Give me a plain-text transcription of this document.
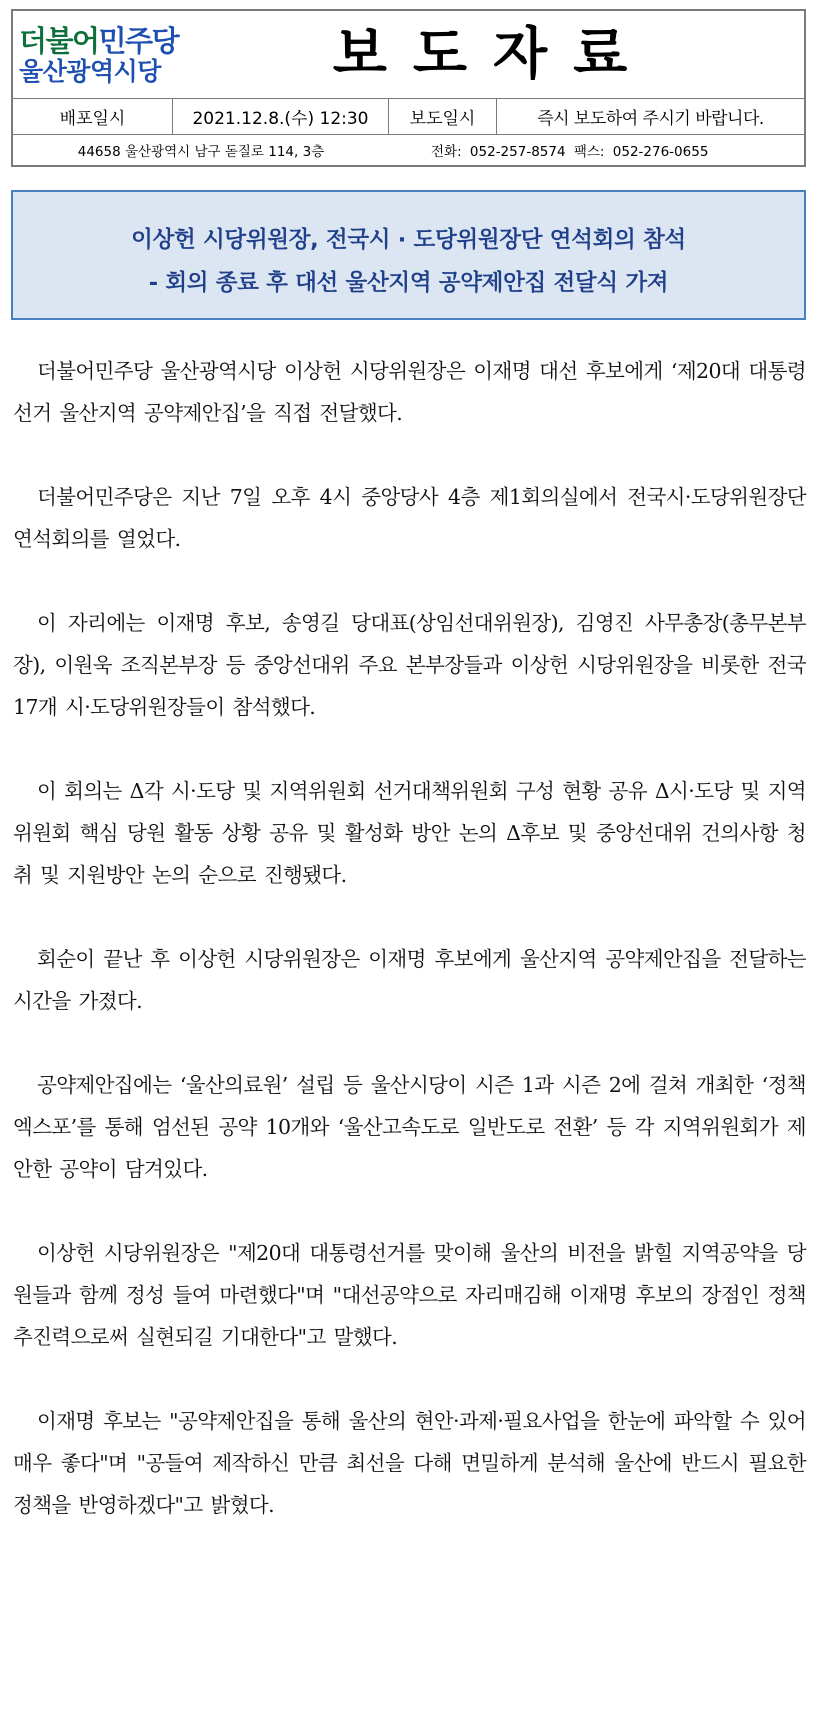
더불어민주당
울산광역시당	보도자료
배포일시	2021.12.8.(수) 12:30	보도일시	즉시 보도하여 주시기 바랍니다.
44658 울산광역시 남구 돋질로 114, 3층	전화: 052-257-8574 팩스: 052-276-0655
이상헌 시당위원장, 전국시 · 도당위원장단 연석회의 참석
- 회의 종료 후 대선 울산지역 공약제안집 전달식 가져

더불어민주당 울산광역시당 이상헌 시당위원장은 이재명 대선 후보에게 ‘제20대 대통령선거 울산지역 공약제안집’을 직접 전달했다.

더불어민주당은 지난 7일 오후 4시 중앙당사 4층 제1회의실에서 전국시·도당위원장단 연석회의를 열었다.

이 자리에는 이재명 후보, 송영길 당대표(상임선대위원장), 김영진 사무총장(총무본부장), 이원욱 조직본부장 등 중앙선대위 주요 본부장들과 이상헌 시당위원장을 비롯한 전국 17개 시·도당위원장들이 참석했다.

이 회의는 Δ각 시·도당 및 지역위원회 선거대책위원회 구성 현황 공유 Δ시·도당 및 지역위원회 핵심 당원 활동 상황 공유 및 활성화 방안 논의 Δ후보 및 중앙선대위 건의사항 청취 및 지원방안 논의 순으로 진행됐다.

회순이 끝난 후 이상헌 시당위원장은 이재명 후보에게 울산지역 공약제안집을 전달하는 시간을 가졌다.

공약제안집에는 ‘울산의료원’ 설립 등 울산시당이 시즌 1과 시즌 2에 걸쳐 개최한 ‘정책엑스포’를 통해 엄선된 공약 10개와 ‘울산고속도로 일반도로 전환’ 등 각 지역위원회가 제안한 공약이 담겨있다.

이상헌 시당위원장은 "제20대 대통령선거를 맞이해 울산의 비전을 밝힐 지역공약을 당원들과 함께 정성 들여 마련했다"며 "대선공약으로 자리매김해 이재명 후보의 장점인 정책추진력으로써 실현되길 기대한다"고 말했다.

이재명 후보는 "공약제안집을 통해 울산의 현안·과제·필요사업을 한눈에 파악할 수 있어 매우 좋다"며 "공들여 제작하신 만큼 최선을 다해 면밀하게 분석해 울산에 반드시 필요한 정책을 반영하겠다"고 밝혔다.
